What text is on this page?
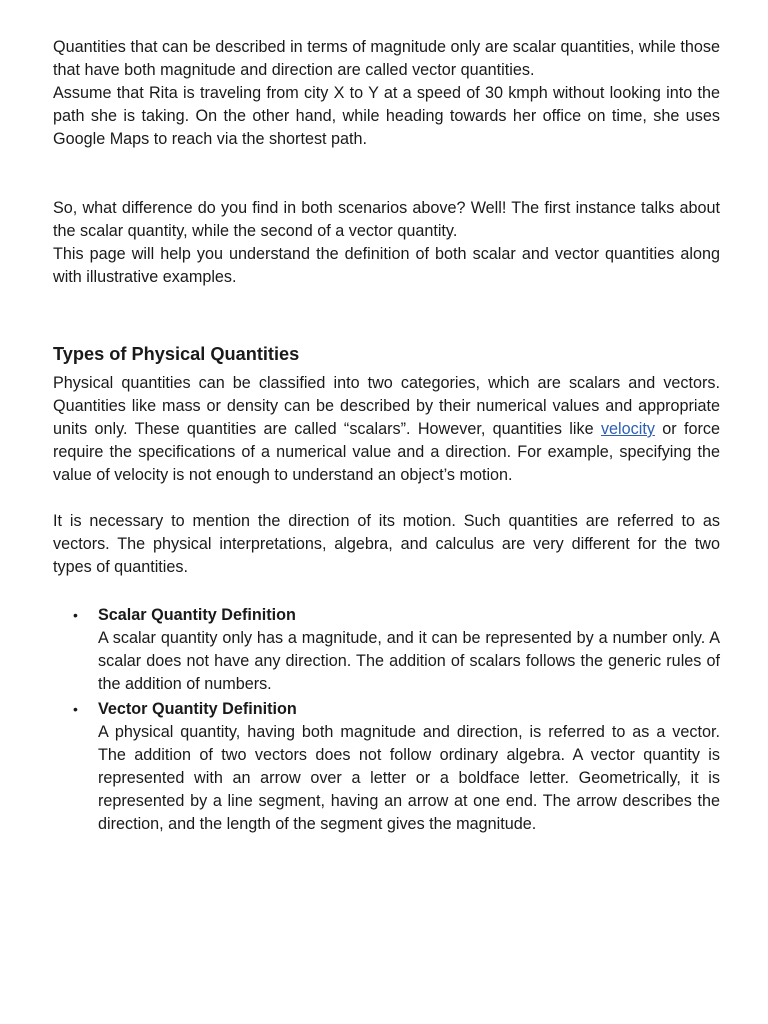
Quantities that can be described in terms of magnitude only are scalar quantities, while those that have both magnitude and direction are called vector quantities.

Assume that Rita is traveling from city X to Y at a speed of 30 kmph without looking into the path she is taking. On the other hand, while heading towards her office on time, she uses Google Maps to reach via the shortest path.

So, what difference do you find in both scenarios above? Well! The first instance talks about the scalar quantity, while the second of a vector quantity.

This page will help you understand the definition of both scalar and vector quantities along with illustrative examples.

Types of Physical Quantities

Physical quantities can be classified into two categories, which are scalars and vectors. Quantities like mass or density can be described by their numerical values and appropriate units only. These quantities are called “scalars”. However, quantities like velocity or force require the specifications of a numerical value and a direction. For example, specifying the value of velocity is not enough to understand an object’s motion.

It is necessary to mention the direction of its motion. Such quantities are referred to as vectors. The physical interpretations, algebra, and calculus are very different for the two types of quantities.

• Scalar Quantity Definition
A scalar quantity only has a magnitude, and it can be represented by a number only. A scalar does not have any direction. The addition of scalars follows the generic rules of the addition of numbers.
• Vector Quantity Definition
A physical quantity, having both magnitude and direction, is referred to as a vector. The addition of two vectors does not follow ordinary algebra. A vector quantity is represented with an arrow over a letter or a boldface letter. Geometrically, it is represented by a line segment, having an arrow at one end. The arrow describes the direction, and the length of the segment gives the magnitude.
